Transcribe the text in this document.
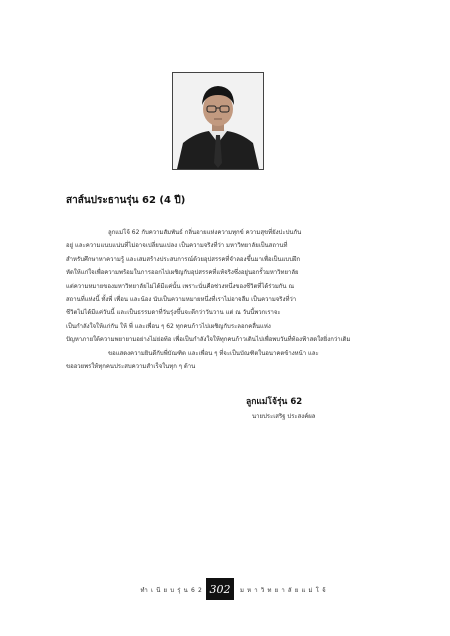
สาส์นประธานรุ่น 62 (4 ปี)
ลูกแม่โจ้ 62 กับความสัมพันธ์ กลิ่นอายแห่งความทุกข์ ความสุขที่ยังปะปนกัน
อยู่ และความแนบแน่นที่ไม่อาจเปลี่ยนแปลง เป็นความจริงที่ว่า มหาวิทยาลัยเป็นสถานที่
สำหรับศึกษาหาความรู้ และเสมสร้างประสบการณ์ด้วยอุปสรรคที่จำลองขึ้นมาเพื่อเป็นแบบฝึก
หัดให้แก่ใจเพื่อความพร้อมในการออกไปเผชิญกับอุปสรรคที่แท้จริงซึ่งอยู่นอกรั้วมหาวิทยาลัย
แต่ความหมายของมหาวิทยาลัยไม่ได้มีแค่นั้น เพราะนั่นคือช่วงหนึ่งของชีวิตที่ได้ร่วมกัน ณ
สถานที่แห่งนี้ ทั้งพี่ เพื่อน และน้อง นับเป็นความหมายหนึ่งที่เราไม่อาจลืม เป็นความจริงที่ว่า
ชีวิตไม่ได้มีแค่วันนี้ และเป็นธรรมดาที่วันรุ่งขึ้นจะดีกว่าวันวาน แต่ ณ วันนี้พวกเราจะ
เป็นกำลังใจให้แก่กัน ให้ พี่ และเพื่อน ๆ 62 ทุกคนก้าวไปเผชิญกับระลอกคลื่นแห่ง
ปัญหาภายใต้ความพยายามอย่างไม่ย่อท้อ เพื่อเป็นกำลังใจให้ทุกคนก้าวเดินไปเพื่อพบวันที่ท้องฟ้าสดใสยิ่งกว่าเดิม
ขอแสดงความยินดีกับพี่บัณฑิต และเพื่อน ๆ ที่จะเป็นบัณฑิตในอนาคตข้างหน้า และ
ขออวยพรให้ทุกคนประสบความสำเร็จในทุก ๆ ด้าน
ลูกแม่โจ้รุ่น 62
นายประเสริฐ ประสงค์ผล
ทำเนียบรุ่น62 302	มหาวิทยาลัยแม่โจ้
